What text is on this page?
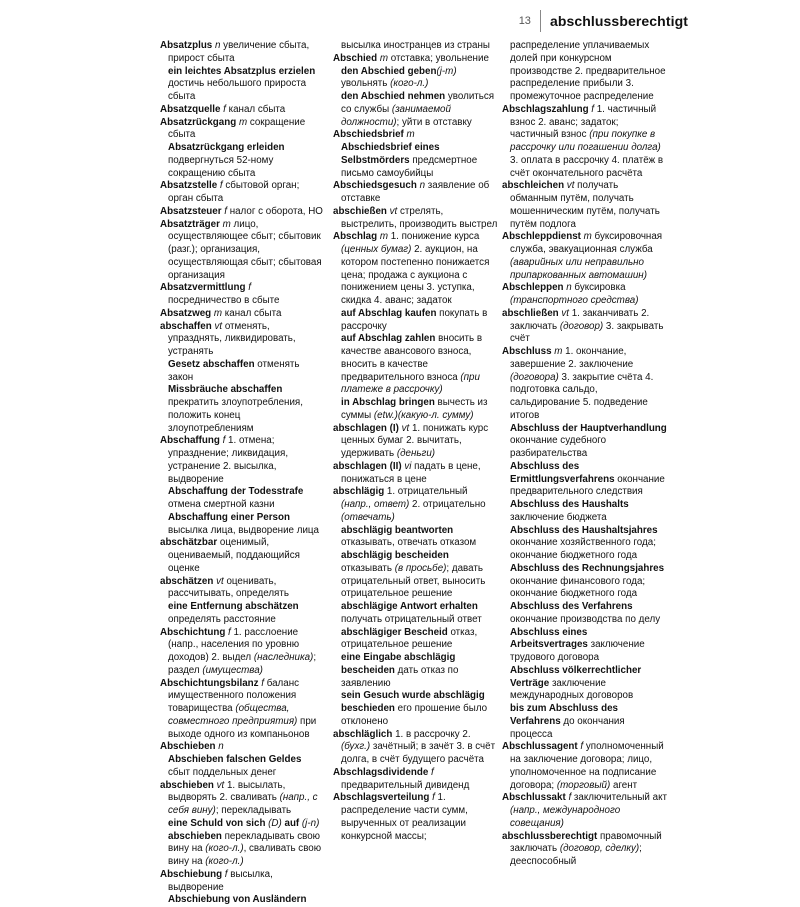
13 abschlussberechtigt

Absatzplus n увеличение сбыта, прирост сбыта

ein leichtes Absatzplus erzielen достичь небольшого прироста сбыта

Absatzquelle f канал сбыта

Absatzrückgang m сокращение сбыта

Absatzrückgang erleiden подвергнуться 52-ному сокращению сбыта

Absatzstelle f сбытовой орган; орган сбыта

Absatzsteuer f налог с оборота, НО

Absatzträger m лицо, осуществляющее сбыт; сбытовик (разг.); организация, осуществляющая сбыт; сбытовая организация

Absatzvermittlung f посредничество в сбыте

Absatzweg m канал сбыта

abschaffen vt отменять, упразднять, ликвидировать, устранять

Gesetz abschaffen отменять закон

Missbräuche abschaffen прекратить злоупотребления, положить конец злоупотреблениям

Abschaffung f 1. отмена; упразднение; ликвидация, устранение 2. высылка, выдворение

Abschaffung der Todesstrafe отмена смертной казни

Abschaffung einer Person высылка лица, выдворение лица

abschätzbar оценимый, оцениваемый, поддающийся оценке

abschätzen vt оценивать, рассчитывать, определять

eine Entfernung abschätzen определять расстояние

Abschichtung f 1. расслоение (напр., населения по уровню доходов) 2. выдел (наследника); раздел (имущества)

Abschichtungsbilanz f баланс имущественного положения товарищества (общества, совместного предприятия) при выходе одного из компаньонов

Abschieben n

Abschieben falschen Geldes сбыт поддельных денег

abschieben vt 1. высылать, выдворять 2. сваливать (напр., с себя вину); перекладывать

eine Schuld von sich (D) auf (j-n) abschieben перекладывать свою вину на (кого-л.), сваливать свою вину на (кого-л.)

Abschiebung f высылка, выдворение

Abschiebung von Ausländern

высылка иностранцев из страны

Abschied m отставка; увольнение den Abschied geben(j-m) увольнять (кого-л.)

den Abschied nehmen уволиться со службы (занимаемой должности); уйти в отставку

Abschiedsbrief m

Abschiedsbrief eines Selbstmörders предсмертное письмо самоубийцы

Abschiedsgesuch n заявление об отставке

abschießen vt стрелять, выстрелить, производить выстрел

Abschlag m 1. понижение курса (ценных бумаг) 2. аукцион, на котором постепенно понижается цена; продажа с аукциона с понижением цены 3. уступка, скидка 4. аванс; задаток

auf Abschlag kaufen покупать в рассрочку

auf Abschlag zahlen вносить в качестве авансового взноса, вносить в качестве предварительного взноса (при платеже в рассрочку)

in Abschlag bringen вычесть из суммы (etw.)(какую-л. сумму)

abschlagen (I) vt 1. понижать курс ценных бумаг 2. вычитать, удерживать (деньги)

abschlagen (II) vi падать в цене, понижаться в цене

abschlägig 1. отрицательный (напр., ответ) 2. отрицательно (отвечать)

abschlägig beantworten отказывать, отвечать отказом

abschlägig bescheiden отказывать (в просьбе); давать отрицательный ответ, выносить отрицательное решение

abschlägige Antwort erhalten получать отрицательный ответ

abschlägiger Bescheid отказ, отрицательное решение

eine Eingabe abschlägig bescheiden дать отказ по заявлению

sein Gesuch wurde abschlägig beschieden его прошение было отклонено

abschläglich 1. в рассрочку 2. (бухг.) зачётный; в зачёт 3. в счёт долга, в счёт будущего расчёта

Abschlagsdividende f предварительный дивиденд

Abschlagsverteilung f 1. распределение части сумм, вырученных от реализации конкурсной массы;

распределение уплачиваемых долей при конкурсном производстве 2. предварительное распределение прибыли 3. промежуточное распределение

Abschlagszahlung f 1. частичный взнос 2. аванс; задаток; частичный взнос (при покупке в рассрочку или погашении долга) 3. оплата в рассрочку 4. платёж в счёт окончательного расчёта

abschleichen vt получать обманным путём, получать мошенническим путём, получать путём подлога

Abschleppdienst m буксировочная служба, эвакуационная служба (аварийных или неправильно припаркованных автомашин)

Abschleppen n буксировка (транспортного средства)

abschließen vt 1. заканчивать 2. заключать (договор) 3. закрывать счёт

Abschluss m 1. окончание, завершение 2. заключение (договора) 3. закрытие счёта 4. подготовка сальдо, сальдирование 5. подведение итогов

Abschluss der Hauptverhandlung окончание судебного разбирательства

Abschluss des Ermittlungsverfahrens окончание предварительного следствия

Abschluss des Haushalts заключение бюджета

Abschluss des Haushaltsjahres окончание хозяйственного года; окончание бюджетного года

Abschluss des Rechnungsjahres окончание финансового года; окончание бюджетного года

Abschluss des Verfahrens окончание производства по делу

Abschluss eines Arbeitsvertrages заключение трудового договора

Abschluss völkerrechtlicher Verträge заключение международных договоров

bis zum Abschluss des Verfahrens до окончания процесса

Abschlussagent f уполномоченный на заключение договора; лицо, уполномоченное на подписание договора; (торговый) агент

Abschlussakt f заключительный акт (напр., международного совещания)

abschlussberechtigt правомочный заключать (договор, сделку); дееспособный
